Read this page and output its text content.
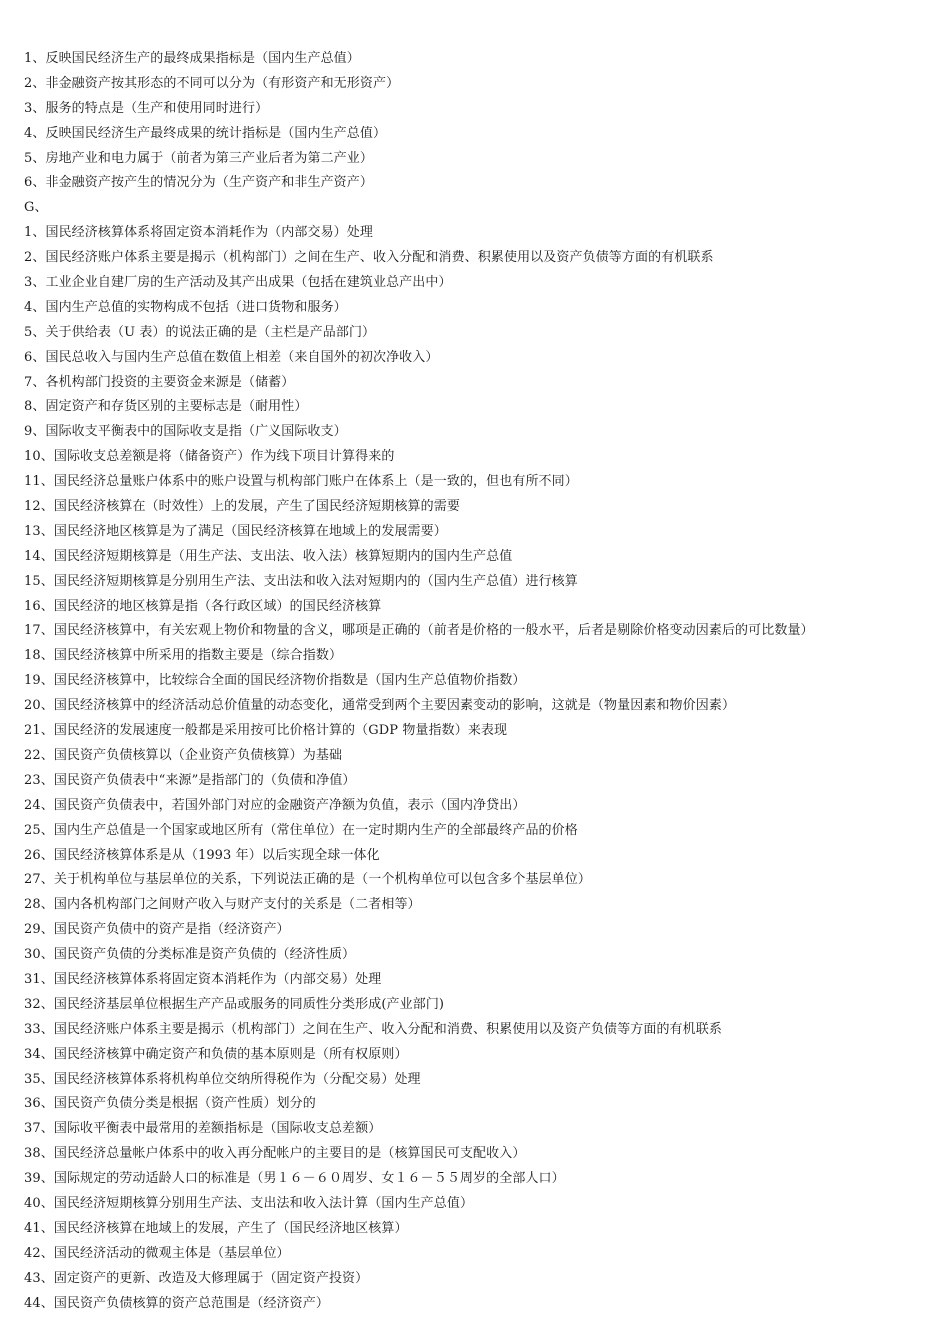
1、反映国民经济生产的最终成果指标是（国内生产总值）
2、非金融资产按其形态的不同可以分为（有形资产和无形资产）
3、服务的特点是（生产和使用同时进行）
4、反映国民经济生产最终成果的统计指标是（国内生产总值）
5、房地产业和电力属于（前者为第三产业后者为第二产业）
6、非金融资产按产生的情况分为（生产资产和非生产资产）
G、
1、国民经济核算体系将固定资本消耗作为（内部交易）处理
2、国民经济账户体系主要是揭示（机构部门）之间在生产、收入分配和消费、积累使用以及资产负债等方面的有机联系
3、工业企业自建厂房的生产活动及其产出成果（包括在建筑业总产出中）
4、国内生产总值的实物构成不包括（进口货物和服务）
5、关于供给表（U 表）的说法正确的是（主栏是产品部门）
6、国民总收入与国内生产总值在数值上相差（来自国外的初次净收入）
7、各机构部门投资的主要资金来源是（储蓄）
8、固定资产和存货区别的主要标志是（耐用性）
9、国际收支平衡表中的国际收支是指（广义国际收支）
10、国际收支总差额是将（储备资产）作为线下项目计算得来的
11、国民经济总量账户体系中的账户设置与机构部门账户在体系上（是一致的，但也有所不同）
12、国民经济核算在（时效性）上的发展，产生了国民经济短期核算的需要
13、国民经济地区核算是为了满足（国民经济核算在地域上的发展需要）
14、国民经济短期核算是（用生产法、支出法、收入法）核算短期内的国内生产总值
15、国民经济短期核算是分别用生产法、支出法和收入法对短期内的（国内生产总值）进行核算
16、国民经济的地区核算是指（各行政区域）的国民经济核算
17、国民经济核算中，有关宏观上物价和物量的含义，哪项是正确的（前者是价格的一般水平，后者是剔除价格变动因素后的可比数量）
18、国民经济核算中所采用的指数主要是（综合指数）
19、国民经济核算中，比较综合全面的国民经济物价指数是（国内生产总值物价指数）
20、国民经济核算中的经济活动总价值量的动态变化，通常受到两个主要因素变动的影响，这就是（物量因素和物价因素）
21、国民经济的发展速度一般都是采用按可比价格计算的（GDP 物量指数）来表现
22、国民资产负债核算以（企业资产负债核算）为基础
23、国民资产负债表中“来源”是指部门的（负债和净值）
24、国民资产负债表中，若国外部门对应的金融资产净额为负值，表示（国内净贷出）
25、国内生产总值是一个国家或地区所有（常住单位）在一定时期内生产的全部最终产品的价格
26、国民经济核算体系是从（1993 年）以后实现全球一体化
27、关于机构单位与基层单位的关系，下列说法正确的是（一个机构单位可以包含多个基层单位）
28、国内各机构部门之间财产收入与财产支付的关系是（二者相等）
29、国民资产负债中的资产是指（经济资产）
30、国民资产负债的分类标准是资产负债的（经济性质）
31、国民经济核算体系将固定资本消耗作为（内部交易）处理
32、国民经济基层单位根据生产产品或服务的同质性分类形成(产业部门)
33、国民经济账户体系主要是揭示（机构部门）之间在生产、收入分配和消费、积累使用以及资产负债等方面的有机联系
34、国民经济核算中确定资产和负债的基本原则是（所有权原则）
35、国民经济核算体系将机构单位交纳所得税作为（分配交易）处理
36、国民资产负债分类是根据（资产性质）划分的
37、国际收平衡表中最常用的差额指标是（国际收支总差额）
38、国民经济总量帐户体系中的收入再分配帐户的主要目的是（核算国民可支配收入）
39、国际规定的劳动适龄人口的标准是（男１６－６０周岁、女１６－５５周岁的全部人口）
40、国民经济短期核算分别用生产法、支出法和收入法计算（国内生产总值）
41、国民经济核算在地域上的发展，产生了（国民经济地区核算）
42、国民经济活动的微观主体是（基层单位）
43、固定资产的更新、改造及大修理属于（固定资产投资）
44、国民资产负债核算的资产总范围是（经济资产）
